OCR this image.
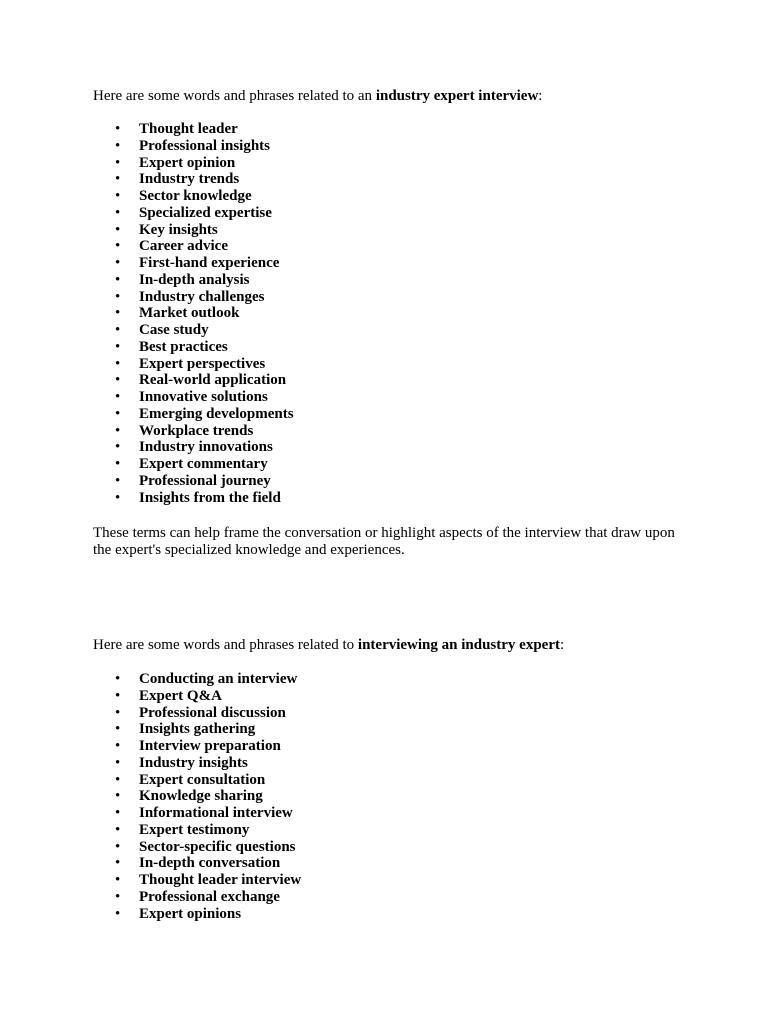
Here are some words and phrases related to an industry expert interview:

• Thought leader
• Professional insights
• Expert opinion
• Industry trends
• Sector knowledge
• Specialized expertise
• Key insights
• Career advice
• First-hand experience
• In-depth analysis
• Industry challenges
• Market outlook
• Case study
• Best practices
• Expert perspectives
• Real-world application
• Innovative solutions
• Emerging developments
• Workplace trends
• Industry innovations
• Expert commentary
• Professional journey
• Insights from the field

These terms can help frame the conversation or highlight aspects of the interview that draw upon the expert's specialized knowledge and experiences.

Here are some words and phrases related to interviewing an industry expert:

• Conducting an interview
• Expert Q&A
• Professional discussion
• Insights gathering
• Interview preparation
• Industry insights
• Expert consultation
• Knowledge sharing
• Informational interview
• Expert testimony
• Sector-specific questions
• In-depth conversation
• Thought leader interview
• Professional exchange
• Expert opinions
